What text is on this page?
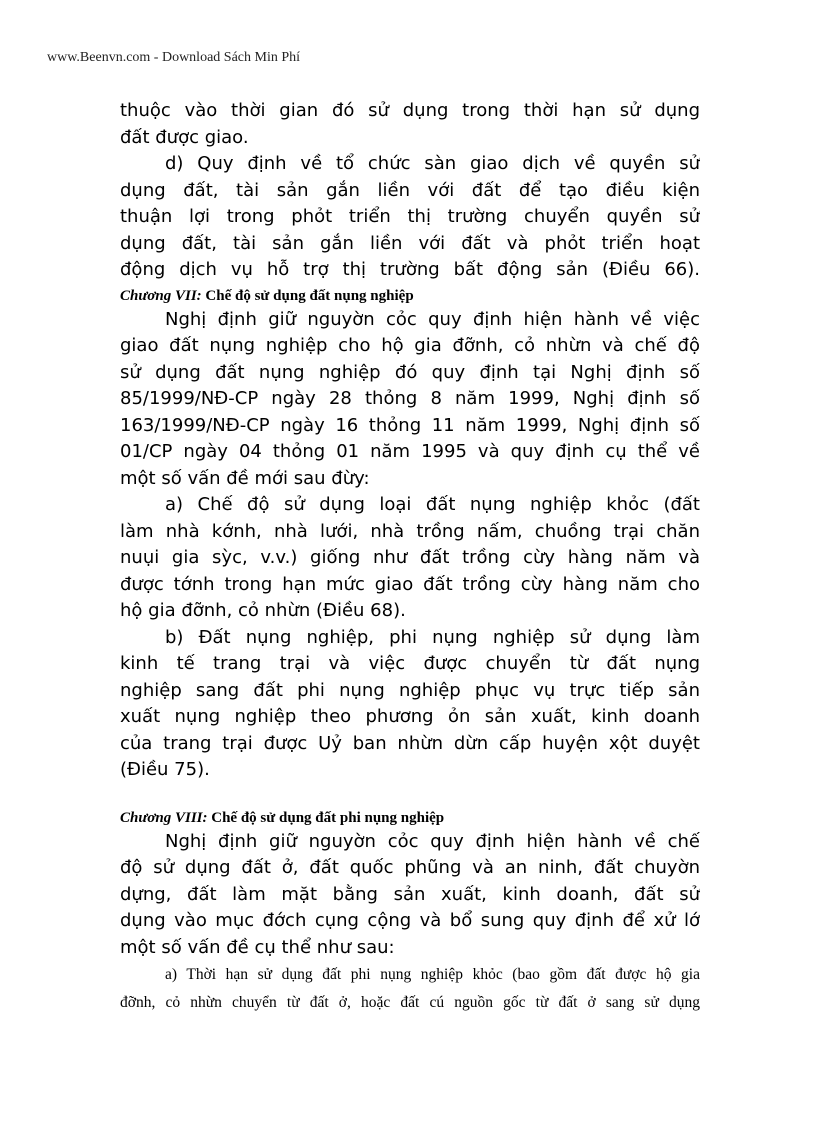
www.Beenvn.com - Download Sách Min Phí
thuộc vào thời gian đó sử dụng trong thời hạn sử dụng
đất được giao.
d) Quy định về tổ chức sàn giao dịch về quyền sử
dụng đất, tài sản gắn liền với đất để tạo điều kiện
thuận lợi trong phỏt triển thị trường chuyển quyền sử
dụng đất, tài sản gắn liền với đất và phỏt triển hoạt
động dịch vụ hỗ trợ thị trường bất động sản (Điều 66).
Chương VII: Chế độ sử dụng đất nụng nghiệp
Nghị định giữ nguyờn cỏc quy định hiện hành về việc
giao đất nụng nghiệp cho hộ gia đỡnh, cỏ nhừn và chế độ
sử dụng đất nụng nghiệp đó quy định tại Nghị định số
85/1999/NĐ-CP ngày 28 thỏng 8 năm 1999, Nghị định số
163/1999/NĐ-CP ngày 16 thỏng 11 năm 1999, Nghị định số
01/CP ngày 04 thỏng 01 năm 1995 và quy định cụ thể về
một số vấn đề mới sau đừy:
a) Chế độ sử dụng loại đất nụng nghiệp khỏc (đất
làm nhà kớnh, nhà lưới, nhà trồng nấm, chuồng trại chăn
nuụi gia sỳc, v.v.) giống như đất trồng cừy hàng năm và
được tớnh trong hạn mức giao đất trồng cừy hàng năm cho
hộ gia đỡnh, cỏ nhừn (Điều 68).
b) Đất nụng nghiệp, phi nụng nghiệp sử dụng làm
kinh tế trang trại và việc được chuyển từ đất nụng
nghiệp sang đất phi nụng nghiệp phục vụ trực tiếp sản
xuất nụng nghiệp theo phương ỏn sản xuất, kinh doanh
của trang trại được Uỷ ban nhừn dừn cấp huyện xột duyệt
(Điều 75).
Chương VIII: Chế độ sử dụng đất phi nụng nghiệp
Nghị định giữ nguyờn cỏc quy định hiện hành về chế
độ sử dụng đất ở, đất quốc phũng và an ninh, đất chuyờn
dựng, đất làm mặt bằng sản xuất, kinh doanh, đất sử
dụng vào mục đớch cụng cộng và bổ sung quy định để xử lớ
một số vấn đề cụ thể như sau:
a) Thời hạn sử dụng đất phi nụng nghiệp khỏc (bao gồm đất được hộ gia
đỡnh, cỏ nhừn chuyển từ đất ở, hoặc đất cú nguồn gốc từ đất ở sang sử dụng
